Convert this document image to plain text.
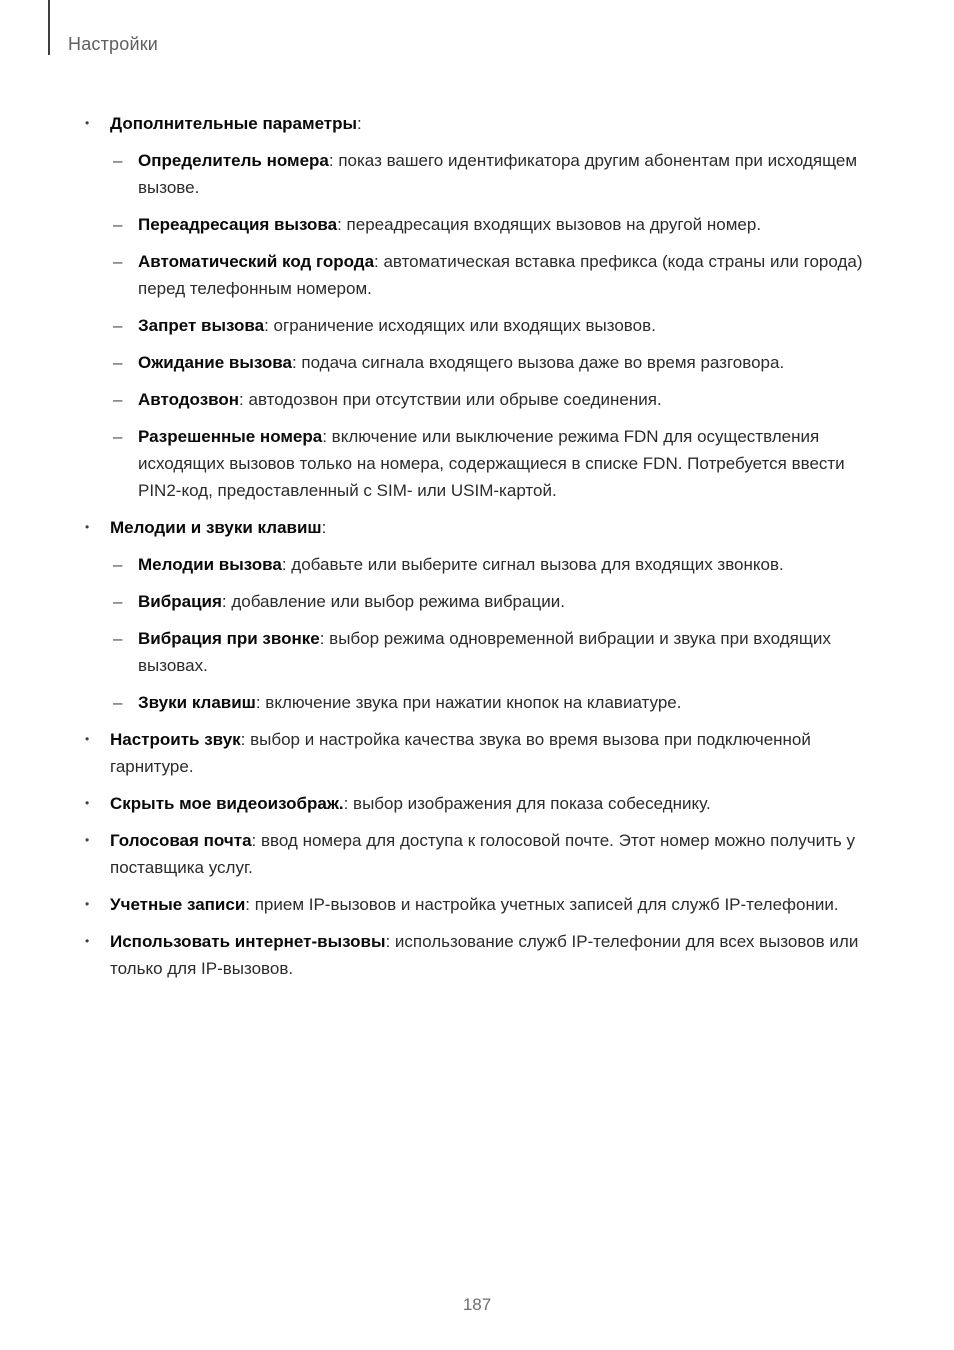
Настройки
•	Дополнительные параметры:

– Определитель номера: показ вашего идентификатора другим абонентам при исходящем вызове.

– Переадресация вызова: переадресация входящих вызовов на другой номер.

– Автоматический код города: автоматическая вставка префикса (кода страны или города) перед телефонным номером.

– Запрет вызова: ограничение исходящих или входящих вызовов.

– Ожидание вызова: подача сигнала входящего вызова даже во время разговора.

– Автодозвон: автодозвон при отсутствии или обрыве соединения.

– Разрешенные номера: включение или выключение режима FDN для осуществления исходящих вызовов только на номера, содержащиеся в списке FDN. Потребуется ввести PIN2-код, предоставленный с SIM- или USIM-картой.

•	Мелодии и звуки клавиш:

– Мелодии вызова: добавьте или выберите сигнал вызова для входящих звонков.

– Вибрация: добавление или выбор режима вибрации.

– Вибрация при звонке: выбор режима одновременной вибрации и звука при входящих вызовах.

– Звуки клавиш: включение звука при нажатии кнопок на клавиатуре.

•	Настроить звук: выбор и настройка качества звука во время вызова при подключенной гарнитуре.

•	Скрыть мое видеоизображ.: выбор изображения для показа собеседнику.

•	Голосовая почта: ввод номера для доступа к голосовой почте. Этот номер можно получить у поставщика услуг.

•	Учетные записи: прием IP-вызовов и настройка учетных записей для служб IP-телефонии.

•	Использовать интернет-вызовы: использование служб IP-телефонии для всех вызовов или только для IP-вызовов.

187
